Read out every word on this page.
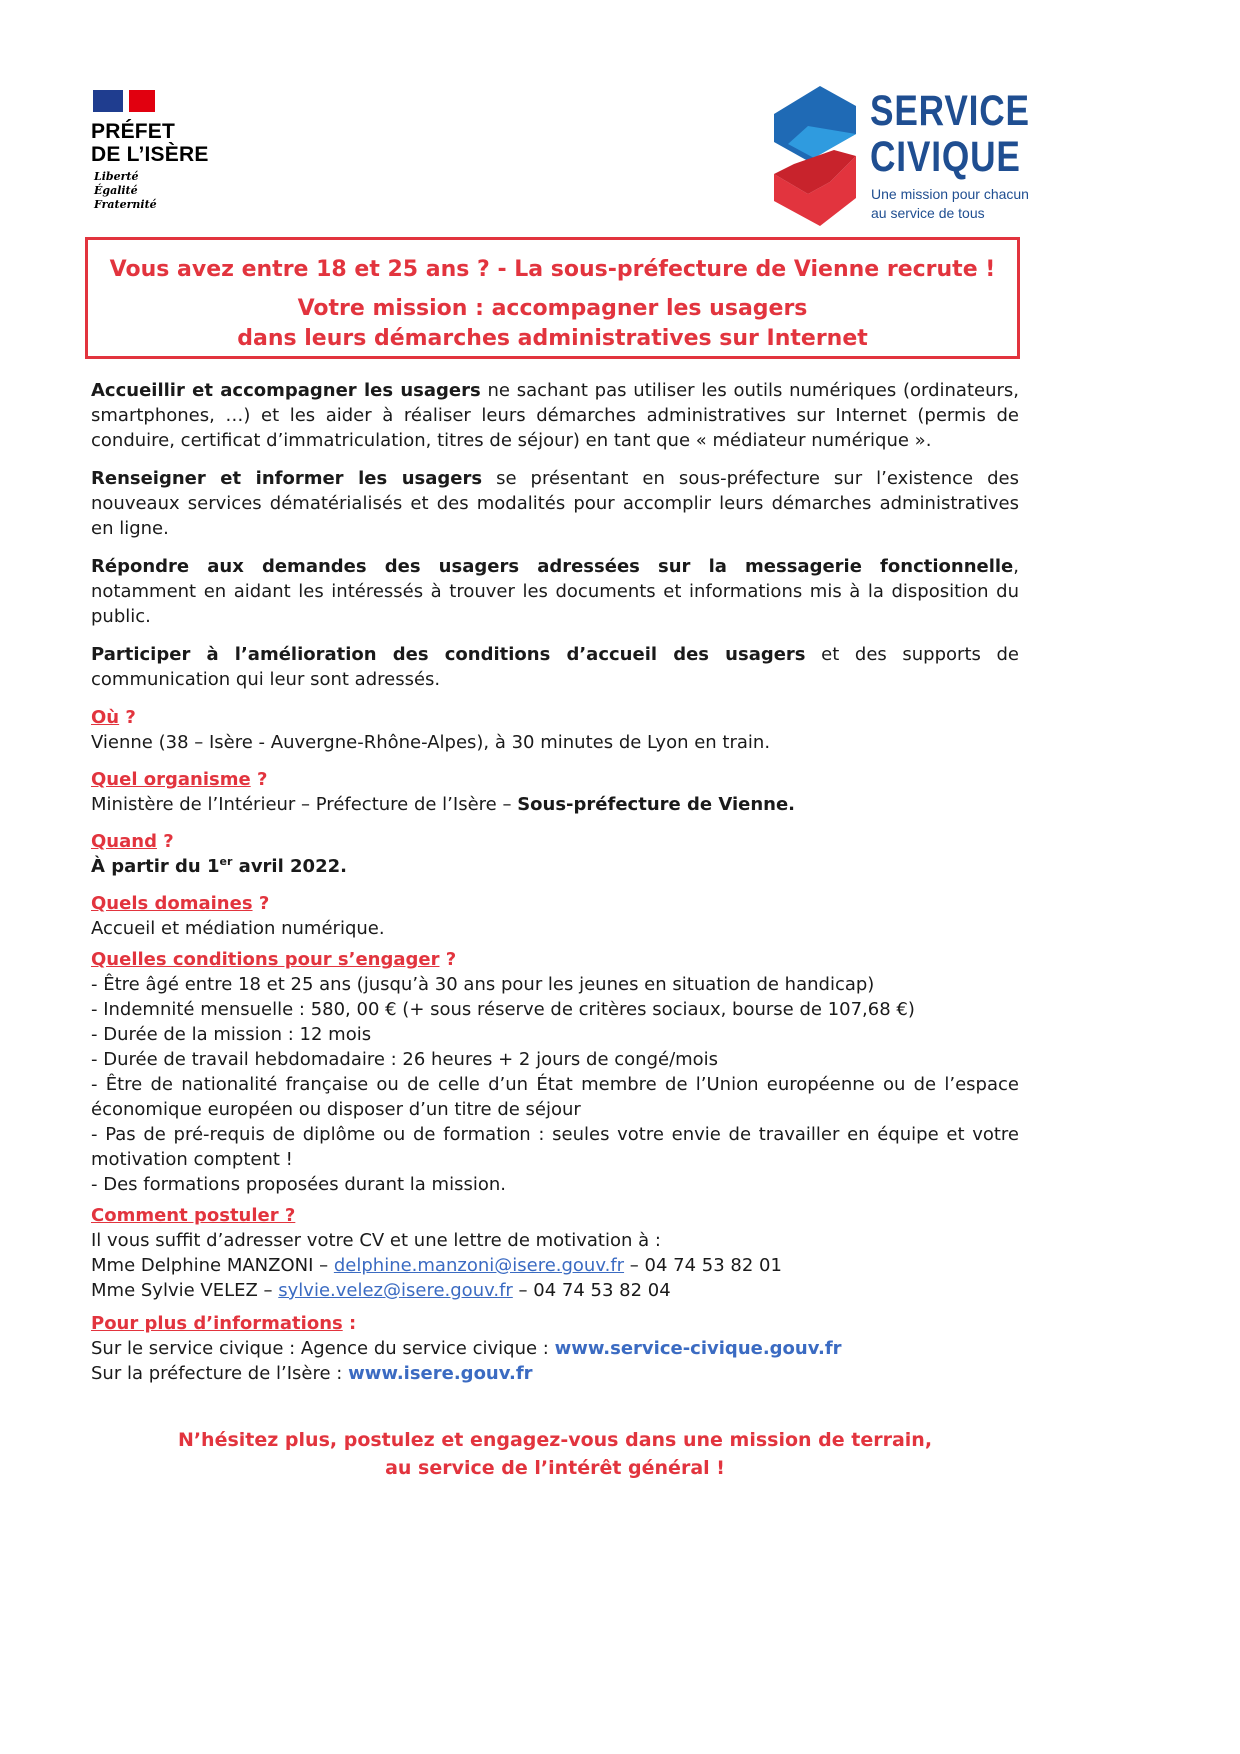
PRÉFET
DE L’ISÈRE
Liberté
Égalité
Fraternité
SERVICE
CIVIQUE
Une mission pour chacun
au service de tous
Vous avez entre 18 et 25 ans ? - La sous-préfecture de Vienne recrute !
Votre mission : accompagner les usagers
dans leurs démarches administratives sur Internet

Accueillir et accompagner les usagers ne sachant pas utiliser les outils numériques (ordinateurs, smartphones, …) et les aider à réaliser leurs démarches administratives sur Internet (permis de conduire, certificat d’immatriculation, titres de séjour) en tant que « médiateur numérique ».

Renseigner et informer les usagers se présentant en sous-préfecture sur l’existence des nouveaux services dématérialisés et des modalités pour accomplir leurs démarches administratives en ligne.

Répondre aux demandes des usagers adressées sur la messagerie fonctionnelle, notamment en aidant les intéressés à trouver les documents et informations mis à la disposition du public.

Participer à l’amélioration des conditions d’accueil des usagers et des supports de communication qui leur sont adressés.

Où ?

Vienne (38 – Isère - Auvergne-Rhône-Alpes), à 30 minutes de Lyon en train.

Quel organisme ?

Ministère de l’Intérieur – Préfecture de l’Isère – Sous-préfecture de Vienne.

Quand ?

À partir du 1er avril 2022.

Quels domaines ?

Accueil et médiation numérique.

Quelles conditions pour s’engager ?

- Être âgé entre 18 et 25 ans (jusqu’à 30 ans pour les jeunes en situation de handicap)

- Indemnité mensuelle : 580, 00 € (+ sous réserve de critères sociaux, bourse de 107,68 €)

- Durée de la mission : 12 mois

- Durée de travail hebdomadaire : 26 heures + 2 jours de congé/mois

- Être de nationalité française ou de celle d’un État membre de l’Union européenne ou de l’espace économique européen ou disposer d’un titre de séjour

- Pas de pré-requis de diplôme ou de formation : seules votre envie de travailler en équipe et votre motivation comptent !

- Des formations proposées durant la mission.

Comment postuler ?

Il vous suffit d’adresser votre CV et une lettre de motivation à :

Mme Delphine MANZONI – delphine.manzoni@isere.gouv.fr – 04 74 53 82 01

Mme Sylvie VELEZ – sylvie.velez@isere.gouv.fr – 04 74 53 82 04

Pour plus d’informations :

Sur le service civique : Agence du service civique : www.service-civique.gouv.fr

Sur la préfecture de l’Isère : www.isere.gouv.fr

N’hésitez plus, postulez et engagez-vous dans une mission de terrain,
au service de l’intérêt général !
